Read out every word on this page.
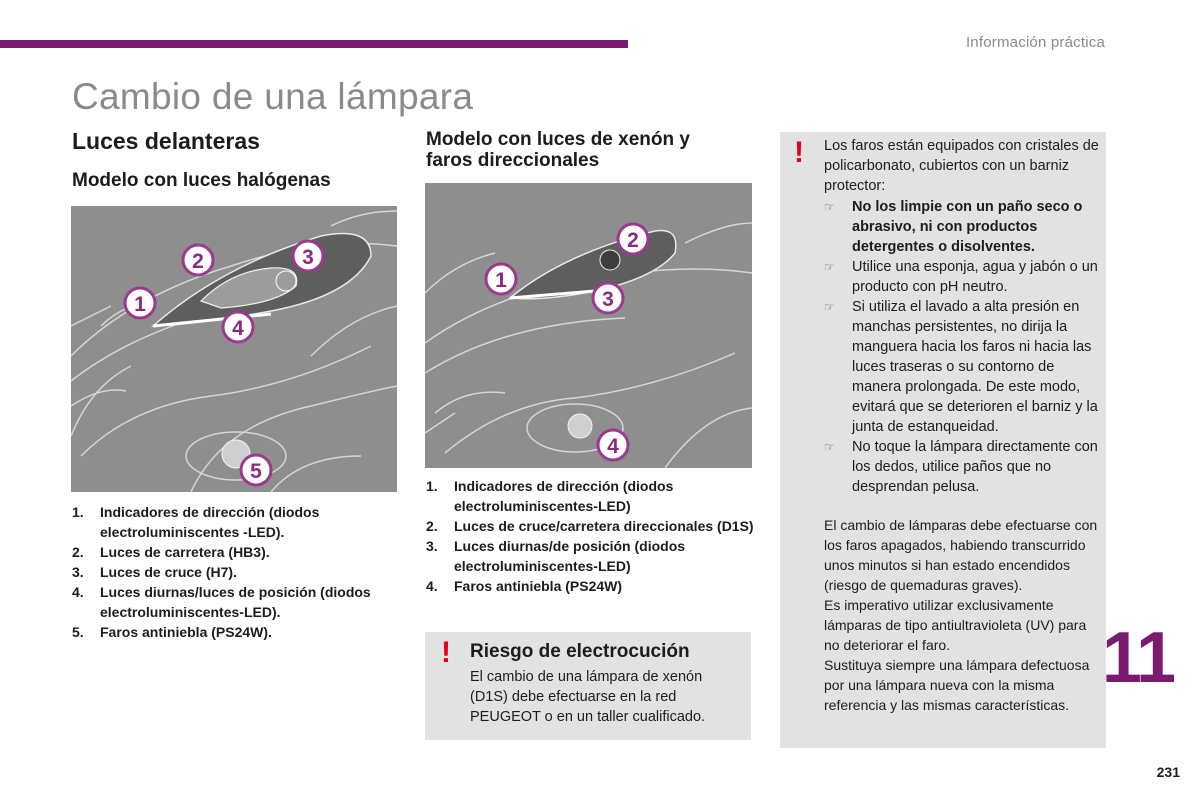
Información práctica
Cambio de una lámpara
Luces delanteras
Modelo con luces halógenas
1
2	3
4
5
1.	Indicadores de dirección (diodos electroluminiscentes -LED).
2.	Luces de carretera (HB3).
3.	Luces de cruce (H7).
4.	Luces diurnas/luces de posición (diodos electroluminiscentes-LED).
5.	Faros antiniebla (PS24W).
Modelo con luces de xenón y faros direccionales
1
2
3
4
1.	Indicadores de dirección (diodos electroluminiscentes-LED)
2.	Luces de cruce/carretera direccionales (D1S)
3.	Luces diurnas/de posición (diodos electroluminiscentes-LED)
4.	Faros antiniebla (PS24W)
! Riesgo de electrocución
El cambio de una lámpara de xenón (D1S) debe efectuarse en la red PEUGEOT o en un taller cualificado.
! Los faros están equipados con cristales de policarbonato, cubiertos con un barniz protector:
☞	No los limpie con un paño seco o abrasivo, ni con productos detergentes o disolventes.
☞	Utilice una esponja, agua y jabón o un producto con pH neutro.
☞	Si utiliza el lavado a alta presión en manchas persistentes, no dirija la manguera hacia los faros ni hacia las luces traseras o su contorno de manera prolongada. De este modo, evitará que se deterioren el barniz y la junta de estanqueidad.
☞	No toque la lámpara directamente con los dedos, utilice paños que no desprendan pelusa.
El cambio de lámparas debe efectuarse con los faros apagados, habiendo transcurrido unos minutos si han estado encendidos (riesgo de quemaduras graves).
Es imperativo utilizar exclusivamente lámparas de tipo antiultravioleta (UV) para no deteriorar el faro.
Sustituya siempre una lámpara defectuosa por una lámpara nueva con la misma referencia y las mismas características.
11
231
